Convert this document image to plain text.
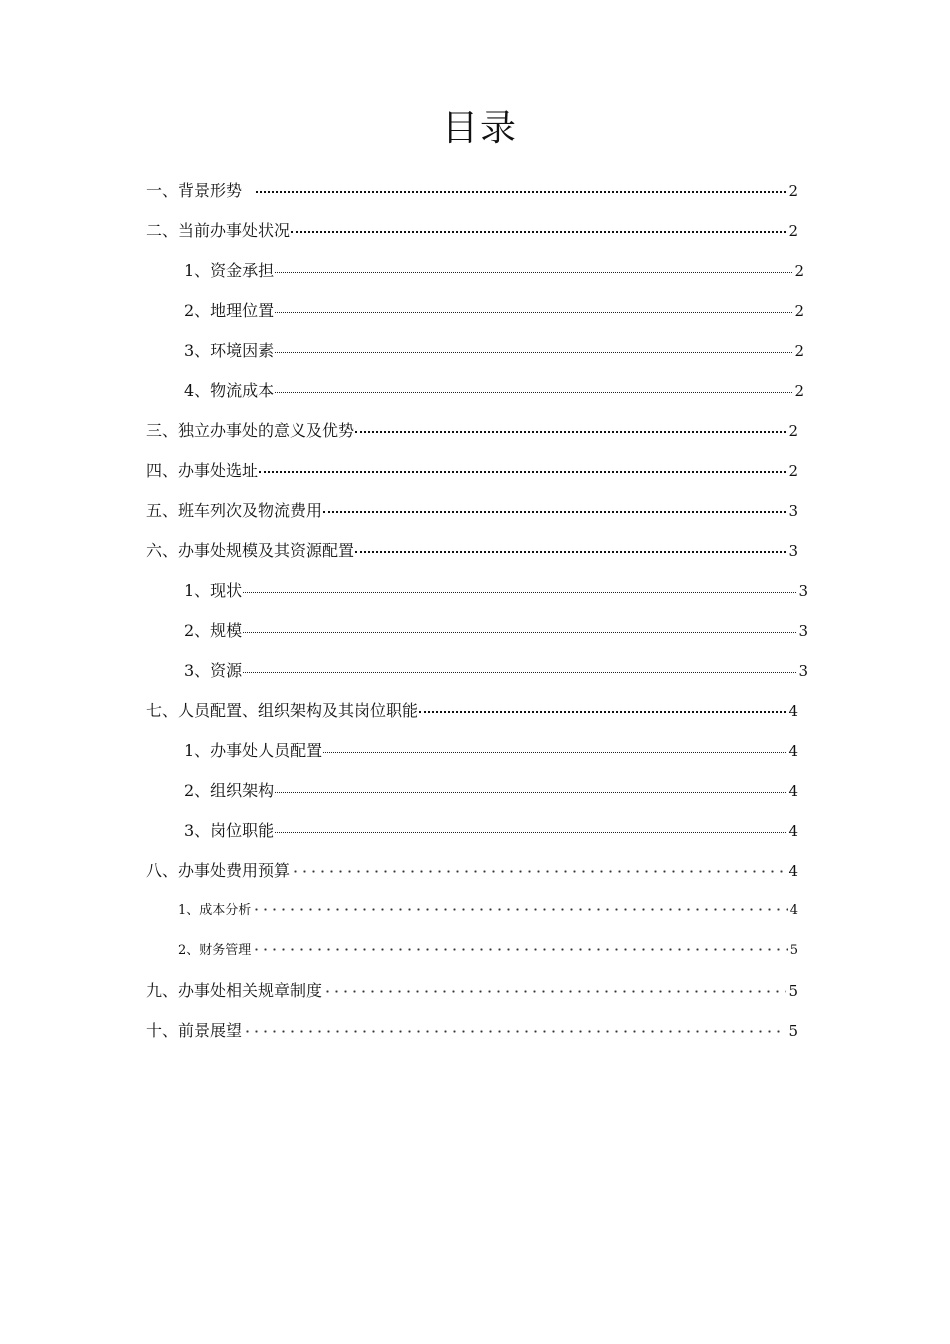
目录
一、背景形势	2
二、当前办事处状况	2
1、资金承担	2
2、地理位置	2
3、环境因素	2
4、物流成本	2
三、独立办事处的意义及优势	2
四、办事处选址	2
五、班车列次及物流费用	3
六、办事处规模及其资源配置	3
1、现状	3
2、规模	3
3、资源	3
七、人员配置、组织架构及其岗位职能	4
1、办事处人员配置	4
2、组织架构	4
3、岗位职能	4
八、办事处费用预算	4
1、成本分析	4
2、财务管理	5
九、办事处相关规章制度	5
十、前景展望	5
